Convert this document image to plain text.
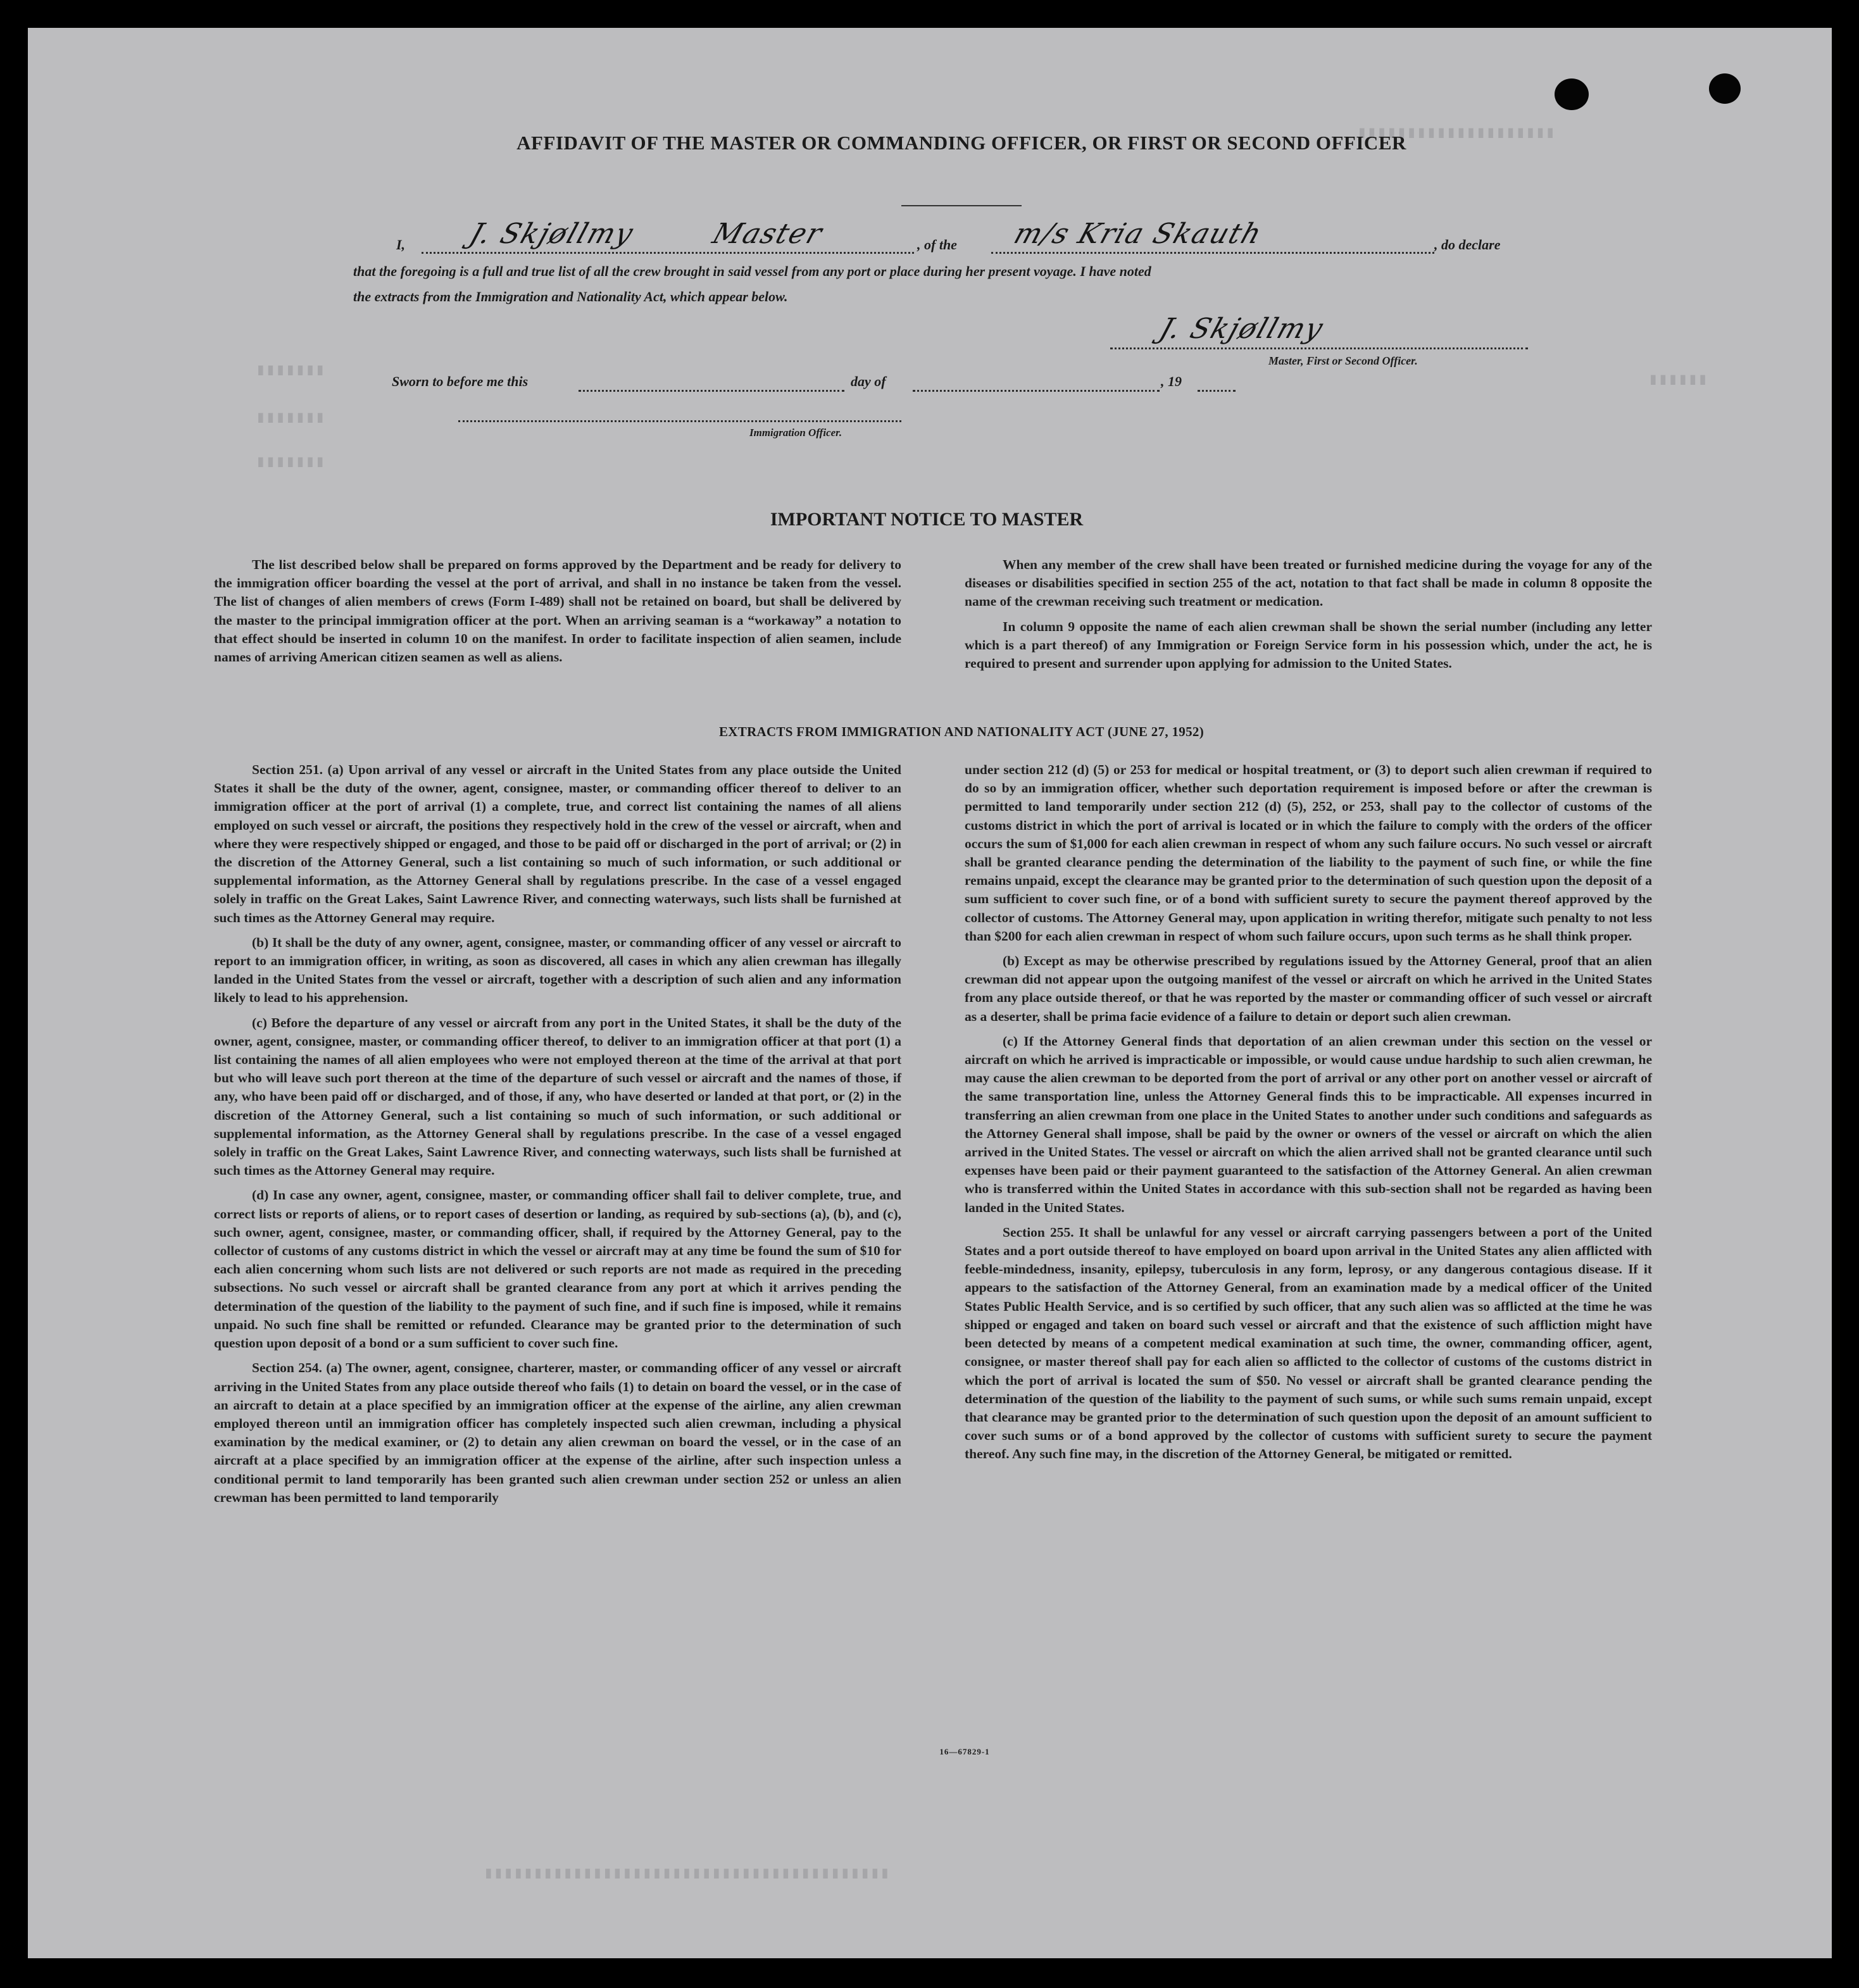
▮▮▮▮▮▮▮▮▮▮▮▮▮▮▮▮▮▮▮▮
▮▮▮▮▮▮▮
▮▮▮▮▮▮▮
▮▮▮▮▮▮▮
▮▮▮▮▮▮
▮▮▮▮▮▮▮▮▮▮▮▮▮▮▮▮▮▮▮▮▮▮▮▮▮▮▮▮▮▮▮▮▮▮▮▮▮▮▮▮▮
AFFIDAVIT OF THE MASTER OR COMMANDING OFFICER, OR FIRST OR SECOND OFFICER
I, J. Skjøllmy        Master	, of the m/s Kria Skauth	, do declare
that the foregoing is a full and true list of all the crew brought in said vessel from any port or place during her present voyage. I have noted
the extracts from the Immigration and Nationality Act, which appear below.
J. Skjøllmy
Master, First or Second Officer.
Sworn to before me this	day of	, 19
Immigration Officer.
IMPORTANT NOTICE TO MASTER

The list described below shall be prepared on forms approved by the Department and be ready for delivery to the immigration officer boarding the vessel at the port of arrival, and shall in no instance be taken from the vessel. The list of changes of alien members of crews (Form I-489) shall not be retained on board, but shall be delivered by the master to the principal immigration officer at the port. When an arriving seaman is a “workaway” a notation to that effect should be inserted in column 10 on the manifest. In order to facilitate inspection of alien seamen, include names of arriving American citizen seamen as well as aliens.

When any member of the crew shall have been treated or furnished medicine during the voyage for any of the diseases or disabilities specified in section 255 of the act, notation to that fact shall be made in column 8 opposite the name of the crewman receiving such treatment or medication.

In column 9 opposite the name of each alien crewman shall be shown the serial number (including any letter which is a part thereof) of any Immigration or Foreign Service form in his possession which, under the act, he is required to present and surrender upon applying for admission to the United States.

EXTRACTS FROM IMMIGRATION AND NATIONALITY ACT (JUNE 27, 1952)

Section 251. (a) Upon arrival of any vessel or aircraft in the United States from any place outside the United States it shall be the duty of the owner, agent, consignee, master, or commanding officer thereof to deliver to an immigration officer at the port of arrival (1) a complete, true, and correct list containing the names of all aliens employed on such vessel or aircraft, the positions they respectively hold in the crew of the vessel or aircraft, when and where they were respectively shipped or engaged, and those to be paid off or discharged in the port of arrival; or (2) in the discretion of the Attorney General, such a list containing so much of such information, or such additional or supplemental information, as the Attorney General shall by regulations prescribe. In the case of a vessel engaged solely in traffic on the Great Lakes, Saint Lawrence River, and connecting waterways, such lists shall be furnished at such times as the Attorney General may require.

(b) It shall be the duty of any owner, agent, consignee, master, or commanding officer of any vessel or aircraft to report to an immigration officer, in writing, as soon as discovered, all cases in which any alien crewman has illegally landed in the United States from the vessel or aircraft, together with a description of such alien and any information likely to lead to his apprehension.

(c) Before the departure of any vessel or aircraft from any port in the United States, it shall be the duty of the owner, agent, consignee, master, or commanding officer thereof, to deliver to an immigration officer at that port (1) a list containing the names of all alien employees who were not employed thereon at the time of the arrival at that port but who will leave such port thereon at the time of the departure of such vessel or aircraft and the names of those, if any, who have been paid off or discharged, and of those, if any, who have deserted or landed at that port, or (2) in the discretion of the Attorney General, such a list containing so much of such information, or such additional or supplemental information, as the Attorney General shall by regulations prescribe. In the case of a vessel engaged solely in traffic on the Great Lakes, Saint Lawrence River, and connecting waterways, such lists shall be furnished at such times as the Attorney General may require.

(d) In case any owner, agent, consignee, master, or commanding officer shall fail to deliver complete, true, and correct lists or reports of aliens, or to report cases of desertion or landing, as required by sub-sections (a), (b), and (c), such owner, agent, consignee, master, or commanding officer, shall, if required by the Attorney General, pay to the collector of customs of any customs district in which the vessel or aircraft may at any time be found the sum of $10 for each alien concerning whom such lists are not delivered or such reports are not made as required in the preceding subsections. No such vessel or aircraft shall be granted clearance from any port at which it arrives pending the determination of the question of the liability to the payment of such fine, and if such fine is imposed, while it remains unpaid. No such fine shall be remitted or refunded. Clearance may be granted prior to the determination of such question upon deposit of a bond or a sum sufficient to cover such fine.

Section 254. (a) The owner, agent, consignee, charterer, master, or commanding officer of any vessel or aircraft arriving in the United States from any place outside thereof who fails (1) to detain on board the vessel, or in the case of an aircraft to detain at a place specified by an immigration officer at the expense of the airline, any alien crewman employed thereon until an immigration officer has completely inspected such alien crewman, including a physical examination by the medical examiner, or (2) to detain any alien crewman on board the vessel, or in the case of an aircraft at a place specified by an immigration officer at the expense of the airline, after such inspection unless a conditional permit to land temporarily has been granted such alien crewman under section 252 or unless an alien crewman has been permitted to land temporarily

under section 212 (d) (5) or 253 for medical or hospital treatment, or (3) to deport such alien crewman if required to do so by an immigration officer, whether such deportation requirement is imposed before or after the crewman is permitted to land temporarily under section 212 (d) (5), 252, or 253, shall pay to the collector of customs of the customs district in which the port of arrival is located or in which the failure to comply with the orders of the officer occurs the sum of $1,000 for each alien crewman in respect of whom any such failure occurs. No such vessel or aircraft shall be granted clearance pending the determination of the liability to the payment of such fine, or while the fine remains unpaid, except the clearance may be granted prior to the determination of such question upon the deposit of a sum sufficient to cover such fine, or of a bond with sufficient surety to secure the payment thereof approved by the collector of customs. The Attorney General may, upon application in writing therefor, mitigate such penalty to not less than $200 for each alien crewman in respect of whom such failure occurs, upon such terms as he shall think proper.

(b) Except as may be otherwise prescribed by regulations issued by the Attorney General, proof that an alien crewman did not appear upon the outgoing manifest of the vessel or aircraft on which he arrived in the United States from any place outside thereof, or that he was reported by the master or commanding officer of such vessel or aircraft as a deserter, shall be prima facie evidence of a failure to detain or deport such alien crewman.

(c) If the Attorney General finds that deportation of an alien crewman under this section on the vessel or aircraft on which he arrived is impracticable or impossible, or would cause undue hardship to such alien crewman, he may cause the alien crewman to be deported from the port of arrival or any other port on another vessel or aircraft of the same transportation line, unless the Attorney General finds this to be impracticable. All expenses incurred in transferring an alien crewman from one place in the United States to another under such conditions and safeguards as the Attorney General shall impose, shall be paid by the owner or owners of the vessel or aircraft on which the alien arrived in the United States. The vessel or aircraft on which the alien arrived shall not be granted clearance until such expenses have been paid or their payment guaranteed to the satisfaction of the Attorney General. An alien crewman who is transferred within the United States in accordance with this sub-section shall not be regarded as having been landed in the United States.

Section 255. It shall be unlawful for any vessel or aircraft carrying passengers between a port of the United States and a port outside thereof to have employed on board upon arrival in the United States any alien afflicted with feeble-mindedness, insanity, epilepsy, tuberculosis in any form, leprosy, or any dangerous contagious disease. If it appears to the satisfaction of the Attorney General, from an examination made by a medical officer of the United States Public Health Service, and is so certified by such officer, that any such alien was so afflicted at the time he was shipped or engaged and taken on board such vessel or aircraft and that the existence of such affliction might have been detected by means of a competent medical examination at such time, the owner, commanding officer, agent, consignee, or master thereof shall pay for each alien so afflicted to the collector of customs of the customs district in which the port of arrival is located the sum of $50. No vessel or aircraft shall be granted clearance pending the determination of the question of the liability to the payment of such sums, or while such sums remain unpaid, except that clearance may be granted prior to the determination of such question upon the deposit of an amount sufficient to cover such sums or of a bond approved by the collector of customs with sufficient surety to secure the payment thereof. Any such fine may, in the discretion of the Attorney General, be mitigated or remitted.

16—67829-1
